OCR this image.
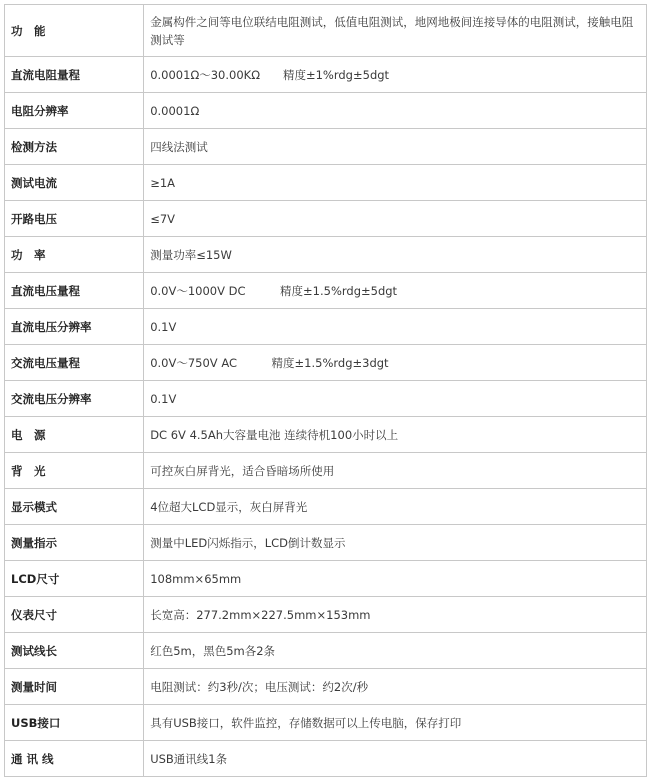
功　能	金属构件之间等电位联结电阻测试，低值电阻测试，地网地极间连接导体的电阻测试，接触电阻测试等
直流电阻量程	0.0001Ω～30.00KΩ　　精度±1%rdg±5dgt
电阻分辨率	0.0001Ω
检测方法	四线法测试
测试电流	≥1A
开路电压	≤7V
功　率	测量功率≤15W
直流电压量程	0.0V～1000V DC　　　精度±1.5%rdg±5dgt
直流电压分辨率	0.1V
交流电压量程	0.0V～750V AC　　　精度±1.5%rdg±3dgt
交流电压分辨率	0.1V
电　源	DC 6V 4.5Ah大容量电池 连续待机100小时以上
背　光	可控灰白屏背光，适合昏暗场所使用
显示模式	4位超大LCD显示，灰白屏背光
测量指示	测量中LED闪烁指示，LCD倒计数显示
LCD尺寸	108mm×65mm
仪表尺寸	长宽高：277.2mm×227.5mm×153mm
测试线长	红色5m，黑色5m各2条
测量时间	电阻测试：约3秒/次；电压测试：约2次/秒
USB接口	具有USB接口，软件监控，存储数据可以上传电脑，保存打印
通 讯 线	USB通讯线1条
